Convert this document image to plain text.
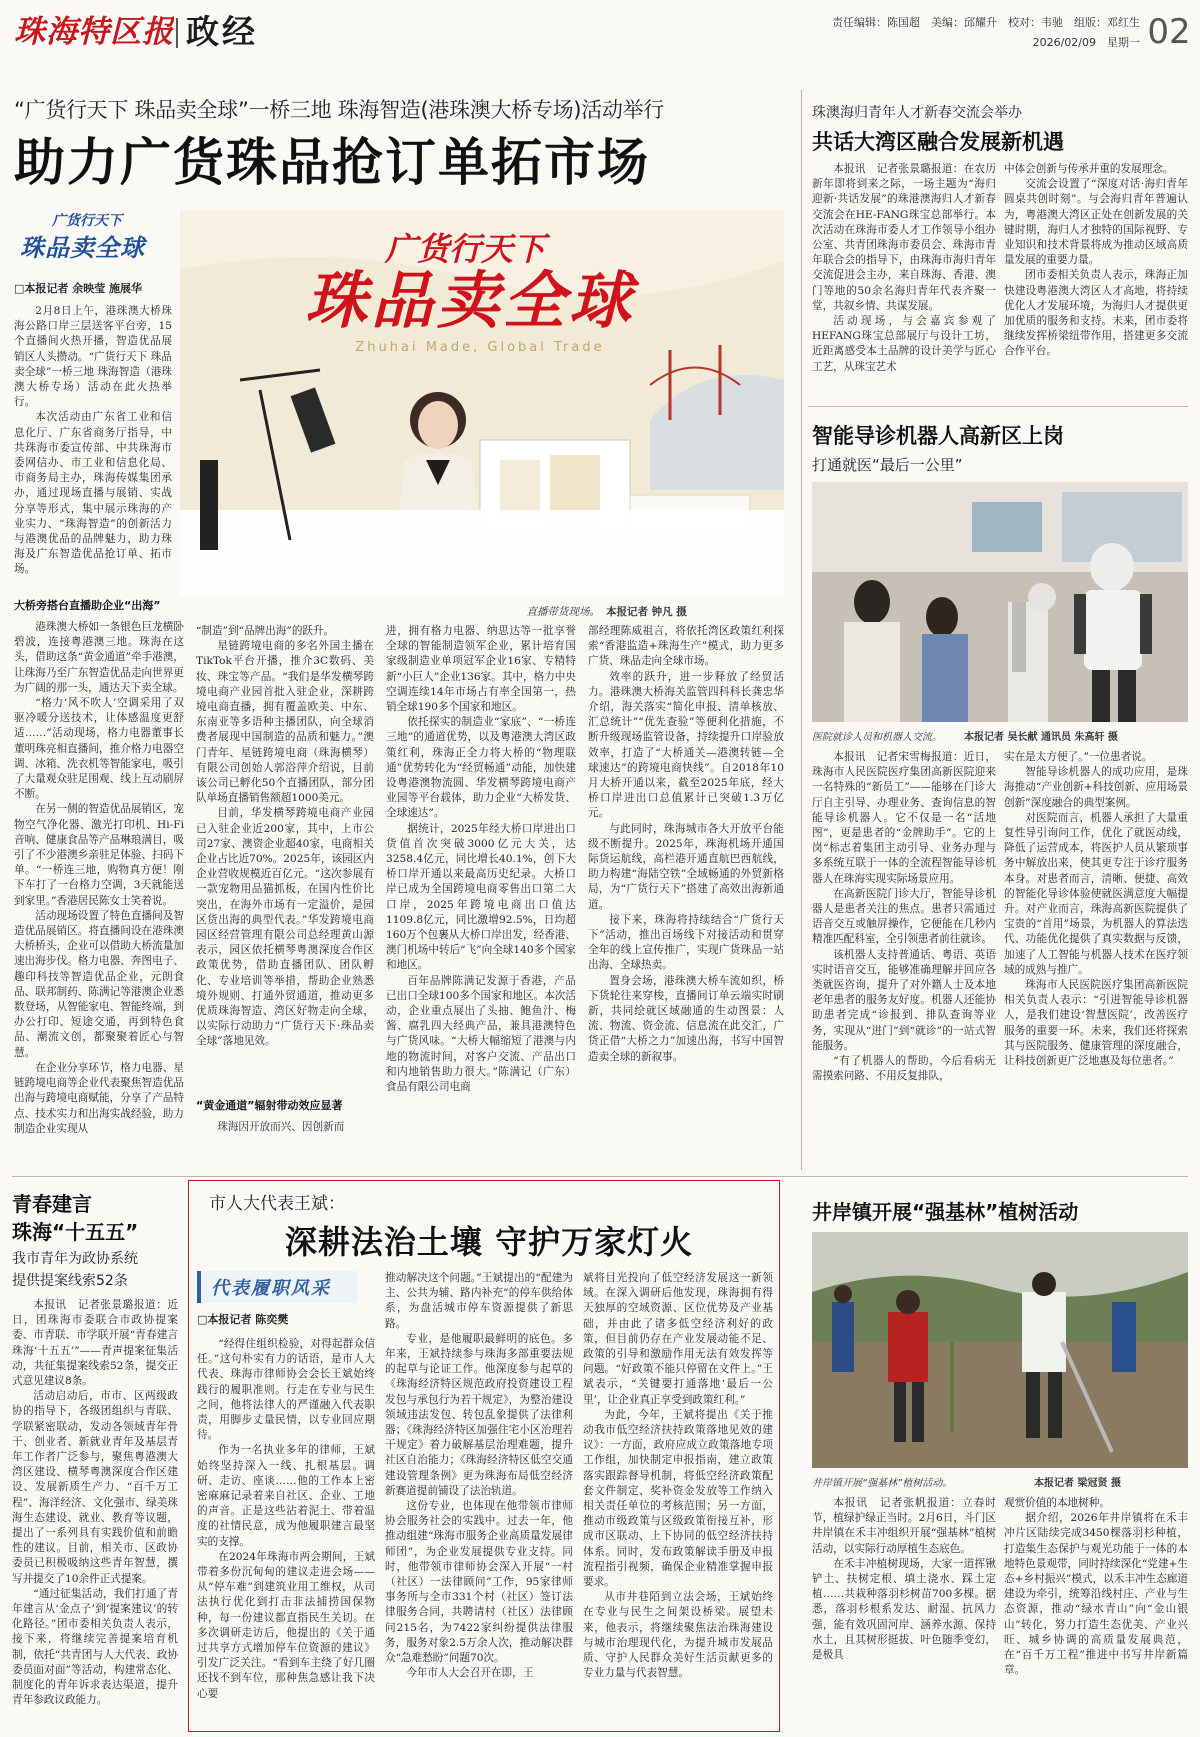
珠海特区报 政经	责任编辑：陈国超　美编：邱耀升　校对：韦驰　组版：邓红生
2026/02/09　星期一 02
“广货行天下 珠品卖全球”一桥三地 珠海智造(港珠澳大桥专场)活动举行
助力广货珠品抢订单拓市场
广货行天下
珠品卖全球
□本报记者 余映莹 施展华
广货行天下
珠品卖全球
Zhuhai Made, Global Trade
直播带货现场。 本报记者 钟凡 摄

2月8日上午，港珠澳大桥珠海公路口岸三层送客平台旁，15个直播间火热开播，智造优品展销区人头攒动。“广货行天下 珠品卖全球”一桥三地 珠海智造（港珠澳大桥专场）活动在此火热举行。

本次活动由广东省工业和信息化厅、广东省商务厅指导，中共珠海市委宣传部、中共珠海市委网信办、市工业和信息化局、市商务局主办，珠海传媒集团承办，通过现场直播与展销、实战分享等形式，集中展示珠海的产业实力、“珠海智造”的创新活力与港澳优品的品牌魅力，助力珠海及广东智造优品抢订单、拓市场。

大桥旁搭台直播助企业“出海”

港珠澳大桥如一条银色巨龙横卧碧波，连接粤港澳三地。珠海在这头，借助这条“黄金通道”牵手港澳，让珠海乃至广东智造优品走向世界更为广阔的那一头，通达天下卖全球。

“格力‘风不吹人’空调采用了双驱冷暖分送技术，让体感温度更舒适……”活动现场，格力电器董事长董明珠亮相直播间，推介格力电器空调、冰箱、洗衣机等智能家电，吸引了大量观众驻足围观、线上互动刷屏不断。

在另一侧的智造优品展销区，宠物空气净化器、激光打印机、Hi-Fi音响、健康食品等产品琳琅满目，吸引了不少港澳乡亲驻足体验、扫码下单。“一桥连三地，购物真方便！刚下车打了一台格力空调，3天就能送到家里。”香港居民陈女士笑着说。

活动现场设置了特色直播间及智造优品展销区。将直播间设在港珠澳大桥桥头，企业可以借助大桥流量加速出海步伐。格力电器、奔图电子、趣印科技等智造优品企业，元朗食品、联邦制药、陈满记等港澳企业悉数登场，从智能家电、智能终端，到办公打印、短途交通，再到特色食品、潮流文创，都聚聚着匠心与智慧。

在企业分享环节，格力电器、星链跨境电商等企业代表聚焦智造优品出海与跨境电商赋能，分享了产品特点、技术实力和出海实战经验，助力制造企业实现从

“制造”到“品牌出海”的跃升。

星链跨境电商的多名外国主播在TikTok平台开播，推介3C数码、美妆、珠宝等产品。“我们是华发横琴跨境电商产业园首批入驻企业，深耕跨境电商直播，拥有覆盖欧美、中东、东南亚等多语种主播团队，向全球消费者展现中国制造的品质和魅力。”澳门青年、星链跨境电商（珠海横琴）有限公司创始人郭浴萍介绍说，目前该公司已孵化50个直播团队，部分团队单场直播销售额超1000美元。

目前，华发横琴跨境电商产业园已入驻企业近200家，其中，上市公司27家、澳资企业超40家，电商相关企业占比近70%。2025年，该园区内企业营收规模近百亿元。“这次参展有一款宠物用品猫抓板，在国内性价比突出，在海外市场有一定溢价，是园区货出海的典型代表。”华发跨境电商园区经营管理有限公司总经理黄山源表示，园区依托横琴粤澳深度合作区政策优势，借助直播团队、团队孵化、专业培训等举措，帮助企业熟悉境外规则、打通外贸通道，推动更多优质珠海智造、湾区好物走向全球，以实际行动助力“广货行天下·珠品卖全球”落地见效。

“黄金通道”辐射带动效应显著

珠海因开放而兴、因创新而

进，拥有格力电器、纳思达等一批享誉全球的智能制造领军企业，累计培育国家级制造业单项冠军企业16家、专精特新“小巨人”企业136家。其中，格力中央空调连续14年市场占有率全国第一，热销全球190多个国家和地区。

依托探实的制造业“家底”、“一桥连三地”的通道优势，以及粤港澳大湾区政策红利，珠海正全力将大桥的“物理联通”优势转化为“经贸畅通”动能，加快建设粤港澳物流圆、华发横琴跨境电商产业园等平台载体，助力企业“大桥发货、全球速达”。

据统计，2025年经大桥口岸进出口货值首次突破3000亿元大关，达3258.4亿元，同比增长40.1%，创下大桥口岸开通以来最高历史纪录。大桥口岸已成为全国跨境电商零售出口第二大口岸，2025年跨境电商出口值达1109.8亿元，同比激增92.5%，日均超160万个包裹从大桥口岸出发，经香港、澳门机场中转后“飞”向全球140多个国家和地区。

百年品牌陈满记发源于香港，产品已出口全球100多个国家和地区。本次活动，企业重点展出了头抽、鲍鱼汁、梅酱、腐乳四大经典产品，兼具港澳特色与广货风味。“大桥大幅缩短了港澳与内地的物流时间，对客户交流、产品出口和内地销售助力很大。”陈满记（广东）食品有限公司电商

部经理陈威祖言，将依托湾区政策红利探索“香港监造+珠海生产”模式，助力更多广货、珠品走向全球市场。

效率的跃升，进一步释放了经贸活力。港珠澳大桥海关监管四科科长龚忠华介绍，海关落实“简化申报、清单核放、汇总统计”“优先查验”等便利化措施，不断升级现场监管设备，持续提升口岸验放效率，打造了“大桥通关—港澳转链—全球速达”的跨境电商快线”。自2018年10月大桥开通以来，截至2025年底，经大桥口岸进出口总值累计已突破1.3万亿元。

与此同时，珠海城市各大开放平台能级不断提升。2025年，珠海机场开通国际货运航线，高栏港开通直航巴西航线，助力构建“海陆空铁”全域畅通的外贸新格局，为“广货行天下”搭建了高效出海新通道。

接下来，珠海将持续结合“广货行天下”活动，推出百场线下对接活动和贯穿全年的线上宣传推广，实现广货珠品一站出海、全球热卖。

置身会场，港珠澳大桥车流如织，桥下货轮往来穿梭，直播间订单云端实时刷新，共同绘就区域融通的生动图景：人流、物流、资金流、信息流在此交汇，广货正借“大桥之力”加速出海，书写中国智造卖全球的新叙事。

珠澳海归青年人才新春交流会举办
共话大湾区融合发展新机遇

本报讯　记者张景璐报道：在农历新年即将到来之际，一场主题为“海归迎新·共话发展”的珠港澳海归人才新春交流会在HE-FANG珠宝总部举行。本次活动在珠海市委人才工作领导小组办公室、共青团珠海市委员会、珠海市青年联合会的指导下，由珠海市海归青年交流促进会主办，来自珠海、香港、澳门等地的50余名海归青年代表齐聚一堂，共叙乡情、共谋发展。

活动现场，与会嘉宾参观了HEFANG珠宝总部展厅与设计工坊，近距离感受本土品牌的设计美学与匠心工艺，从珠宝艺术

中体会创新与传承并重的发展理念。

交流会设置了“深度对话·海归青年圆桌共创时刻”。与会海归青年普遍认为，粤港澳大湾区正处在创新发展的关键时期，海归人才独特的国际视野、专业知识和技术背景将成为推动区域高质量发展的重要力量。

团市委相关负责人表示，珠海正加快建设粤港澳大湾区人才高地，将持续优化人才发展环境，为海归人才提供更加优质的服务和支持。未来，团市委将继续发挥桥梁纽带作用，搭建更多交流合作平台。

智能导诊机器人高新区上岗
打通就医“最后一公里”
医院就诊人员和机器人交流。	本报记者 吴长献 通讯员 朱高轩 摄

本报讯　记者宋雪梅报道：近日，珠海市人民医院医疗集团高新医院迎来一名特殊的“新员工”——能够在门诊大厅自主引导、办理业务、查询信息的智能导诊机器人。它不仅是一名“活地图”，更是患者的“金牌助手”。它的上岗“标志着集团主动引导、业务办理与多系统互联于一体的全流程智能导诊机器人在珠海实现实际场景应用。

在高新医院门诊大厅，智能导诊机器人是患者关注的焦点。患者只需通过语音交互或触屏操作，它便能在几秒内精准匹配科室，全引领患者前往就诊。

该机器人支持普通话、粤语、英语实时语音交互，能够准确理解并回应各类就医咨询，提升了对外籍人士及本地老年患者的服务友好度。机器人还能协助患者完成“诊报到、排队查询等业务，实现从“进门”到“就诊”的一站式智能服务。

“有了机器人的帮助，今后看病无需摸索问路、不用反复排队，

实在是太方便了。”一位患者说。

智能导诊机器人的成功应用，是珠海推动“产业创新+科技创新、应用场景创新”深度融合的典型案例。

对医院而言，机器人承担了大量重复性导引询问工作，优化了就医动线，降低了运营成本，将医护人员从繁琐事务中解放出来，使其更专注于诊疗服务本身。对患者而言，清晰、便捷、高效的智能化导诊体验使就医满意度大幅提升。对产业而言，珠海高新医院提供了宝贵的“首用”场景，为机器人的算法迭代、功能优化提供了真实数据与反馈，加速了人工智能与机器人技术在医疗领域的成熟与推广。

珠海市人民医院医疗集团高新医院相关负责人表示：“引进智能导诊机器人，是我们建设‘智慧医院’，改善医疗服务的重要一环。未来，我们还将探索其与医院服务、健康管理的深度融合，让科技创新更广泛地惠及每位患者。”

青春建言
珠海“十五五”
我市青年为政协系统
提供提案线索52条

本报讯　记者张景璐报道：近日，团珠海市委联合市政协提案委、市青联、市学联开展“青春建言珠海‘十五五’”——青声提案征集活动，共征集提案线索52条，提交正式意见建议8条。

活动启动后，市市、区两级政协的指导下，各级团组织与青联、学联紧密联动，发动各领域青年骨干、创业者、新就业青年及基层青年工作者广泛参与，聚焦粤港澳大湾区建设、横琴粤澳深度合作区建设、发展新质生产力、“百千万工程”、海洋经济、文化强市、绿美珠海生态建设、就业、教育等议题，提出了一系列具有实践价值和前瞻性的建议。目前，相关市、区政协委员已积极吸纳这些青年智慧，撰写并提交了10余件正式提案。

“通过征集活动，我们打通了青年建言从‘金点子’到‘提案建议’的转化路径。”团市委相关负责人表示，接下来，将继续完善提案培育机制，依托“共青团与人大代表、政协委员面对面”等活动，构建常态化、制度化的青年诉求表达渠道，提升青年参政议政能力。

市人大代表王斌：
深耕法治土壤 守护万家灯火
代表履职风采
□本报记者 陈奕樊

“经得住组织检验，对得起群众信任。”这句朴实有力的话语，是市人大代表、珠海市律师协会会长王斌始终践行的履职准则。行走在专业与民生之间，他将法律人的严谨融入代表职责，用脚步丈量民情，以专业回应期待。

作为一名执业多年的律师，王斌始终坚持深入一线、扎根基层。调研、走访、座谈……他的工作本上密密麻麻记录着来自社区、企业、工地的声音。正是这些沾着泥土、带着温度的社情民意，成为他履职建言最坚实的支撑。

在2024年珠海市两会期间，王斌带着多份沉甸甸的建议走进会场——从“停车难”到建筑业用工维权，从司法执行优化到打击非法捕捞国保物种，每一份建议都直指民生关切。在多次调研走访后，他提出的《关于通过共享方式增加停车位资源的建议》引发广泛关注。“看到车主绕了好几圈还找不到车位，那种焦急感让我下决心要

推动解决这个问题。”王斌提出的“配建为主、公共为辅、路内补充”的停车供给体系，为盘活城市停车资源提供了新思路。

专业，是他履职最鲜明的底色。多年来，王斌持续参与珠海多部重要法规的起草与论证工作。他深度参与起草的《珠海经济特区规范政府投资建设工程发包与承包行为若干规定》，为整治建设领域违法发包、转包乱象提供了法律利器；《珠海经济特区加强住宅小区治理若干规定》着力破解基层治理难题，提升社区自治能力；《珠海经济特区低空交通建设管理条例》更为珠海布局低空经济新赛道提前铺设了法治轨道。

这份专业，也体现在他带领市律师协会服务社会的实践中。过去一年，他推动组建“珠海市服务企业高质量发展律师团”，为企业发展提供专业支持。同时，他带领市律师协会深入开展“一村（社区）一法律顾问”工作，95家律师事务所与全市331个村（社区）签订法律服务合同，共聘请村（社区）法律顾问215名，为7422家纠纷提供法律服务，服务对象2.5万余人次，推动解决群众“急难愁盼”问题70次。

今年市人大会召开在即，王

斌将目光投向了低空经济发展这一新领域。在深入调研后他发现，珠海拥有得天独厚的空域资源、区位优势及产业基础，并由此了诸多低空经济利好的政策，但目前仍存在产业发展动能不足、政策的引导和激励作用无法有效发挥等问题。“好政策不能只停留在文件上。”王斌表示，“关键要打通落地‘最后一公里’，让企业真正享受到政策红利。”

为此，今年，王斌将提出《关于推动我市低空经济扶持政策落地见效的建议》：一方面，政府应成立政策落地专项工作组，加快制定申报指南，建立政策落实跟踪督导机制，将低空经济政策配套文件制定、奖补资金发放等工作纳入相关责任单位的考核范围；另一方面，推动市级政策与区级政策衔接互补，形成市区联动、上下协同的低空经济扶持体系。同时，发布政策解读手册及申报流程指引视频，确保企业精准掌握申报要求。

从市井巷陌到立法会场，王斌始终在专业与民生之间架设桥梁。展望未来，他表示，将继续聚焦法治珠海建设与城市治理现代化，为提升城市发展品质、守护人民群众美好生活贡献更多的专业力量与代表智慧。

井岸镇开展“强基林”植树活动
井岸镇开展“强基林”植树活动。	本报记者 梁冠贤 摄

本报讯　记者张帆报道：立春时节，植绿护绿正当时。2月6日，斗门区井岸镇在禾丰冲组织开展“强基林”植树活动，以实际行动厚植生态底色。

在禾丰冲植树现场，大家一道挥锹铲土、扶树定根、填土浇水、踩土定植……共栽种落羽杉树苗700多棵。据悉，落羽杉根系发达、耐湿、抗风力强，能有效巩固河岸、涵养水源、保持水土，且其树形挺拔、叶色随季变幻，是极具

观赏价值的本地树种。

据介绍，2026年井岸镇将在禾丰冲片区陆续完成3450棵落羽杉种植，打造集生态保护与观光功能于一体的本地特色景观带，同时持续深化“党建+生态+乡村振兴”模式，以禾丰冲生态廊道建设为牵引，统筹沿线村庄、产业与生态资源，推动“绿水青山”向“金山银山”转化，努力打造生态优美、产业兴旺、城乡协调的高质量发展典范，在“百千万工程”推进中书写井岸新篇章。
